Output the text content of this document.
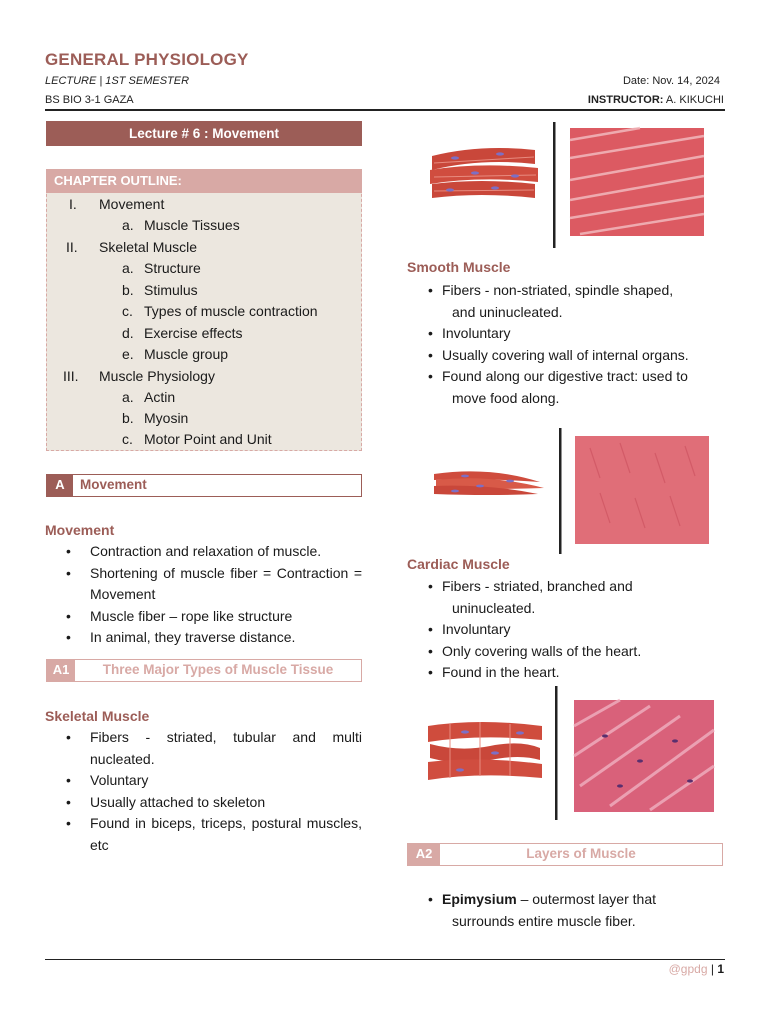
GENERAL PHYSIOLOGY
LECTURE | 1ST SEMESTER
BS BIO 3-1 GAZA
Date: Nov. 14, 2024
INSTRUCTOR: A. KIKUCHI
Lecture # 6 : Movement
CHAPTER OUTLINE:
I. Movement
a. Muscle Tissues
II. Skeletal Muscle
a. Structure
b. Stimulus
c. Types of muscle contraction
d. Exercise effects
e. Muscle group
III. Muscle Physiology
a. Actin
b. Myosin
c. Motor Point and Unit
A	Movement
Movement
• Contraction and relaxation of muscle.
• Shortening of muscle fiber = Contraction = Movement
• Muscle fiber – rope like structure
• In animal, they traverse distance.
A1	Three Major Types of Muscle Tissue
Skeletal Muscle
• Fibers - striated, tubular and multi nucleated.
• Voluntary
• Usually attached to skeleton
• Found in biceps, triceps, postural muscles, etc
Smooth Muscle
• Fibers - non-striated, spindle shaped,
and uninucleated.
• Involuntary
• Usually covering wall of internal organs.
• Found along our digestive tract: used to
move food along.
Cardiac Muscle
• Fibers - striated, branched and
uninucleated.
• Involuntary
• Only covering walls of the heart.
• Found in the heart.
A2	Layers of Muscle
• Epimysium – outermost layer that
surrounds entire muscle fiber.
@gpdg | 1
